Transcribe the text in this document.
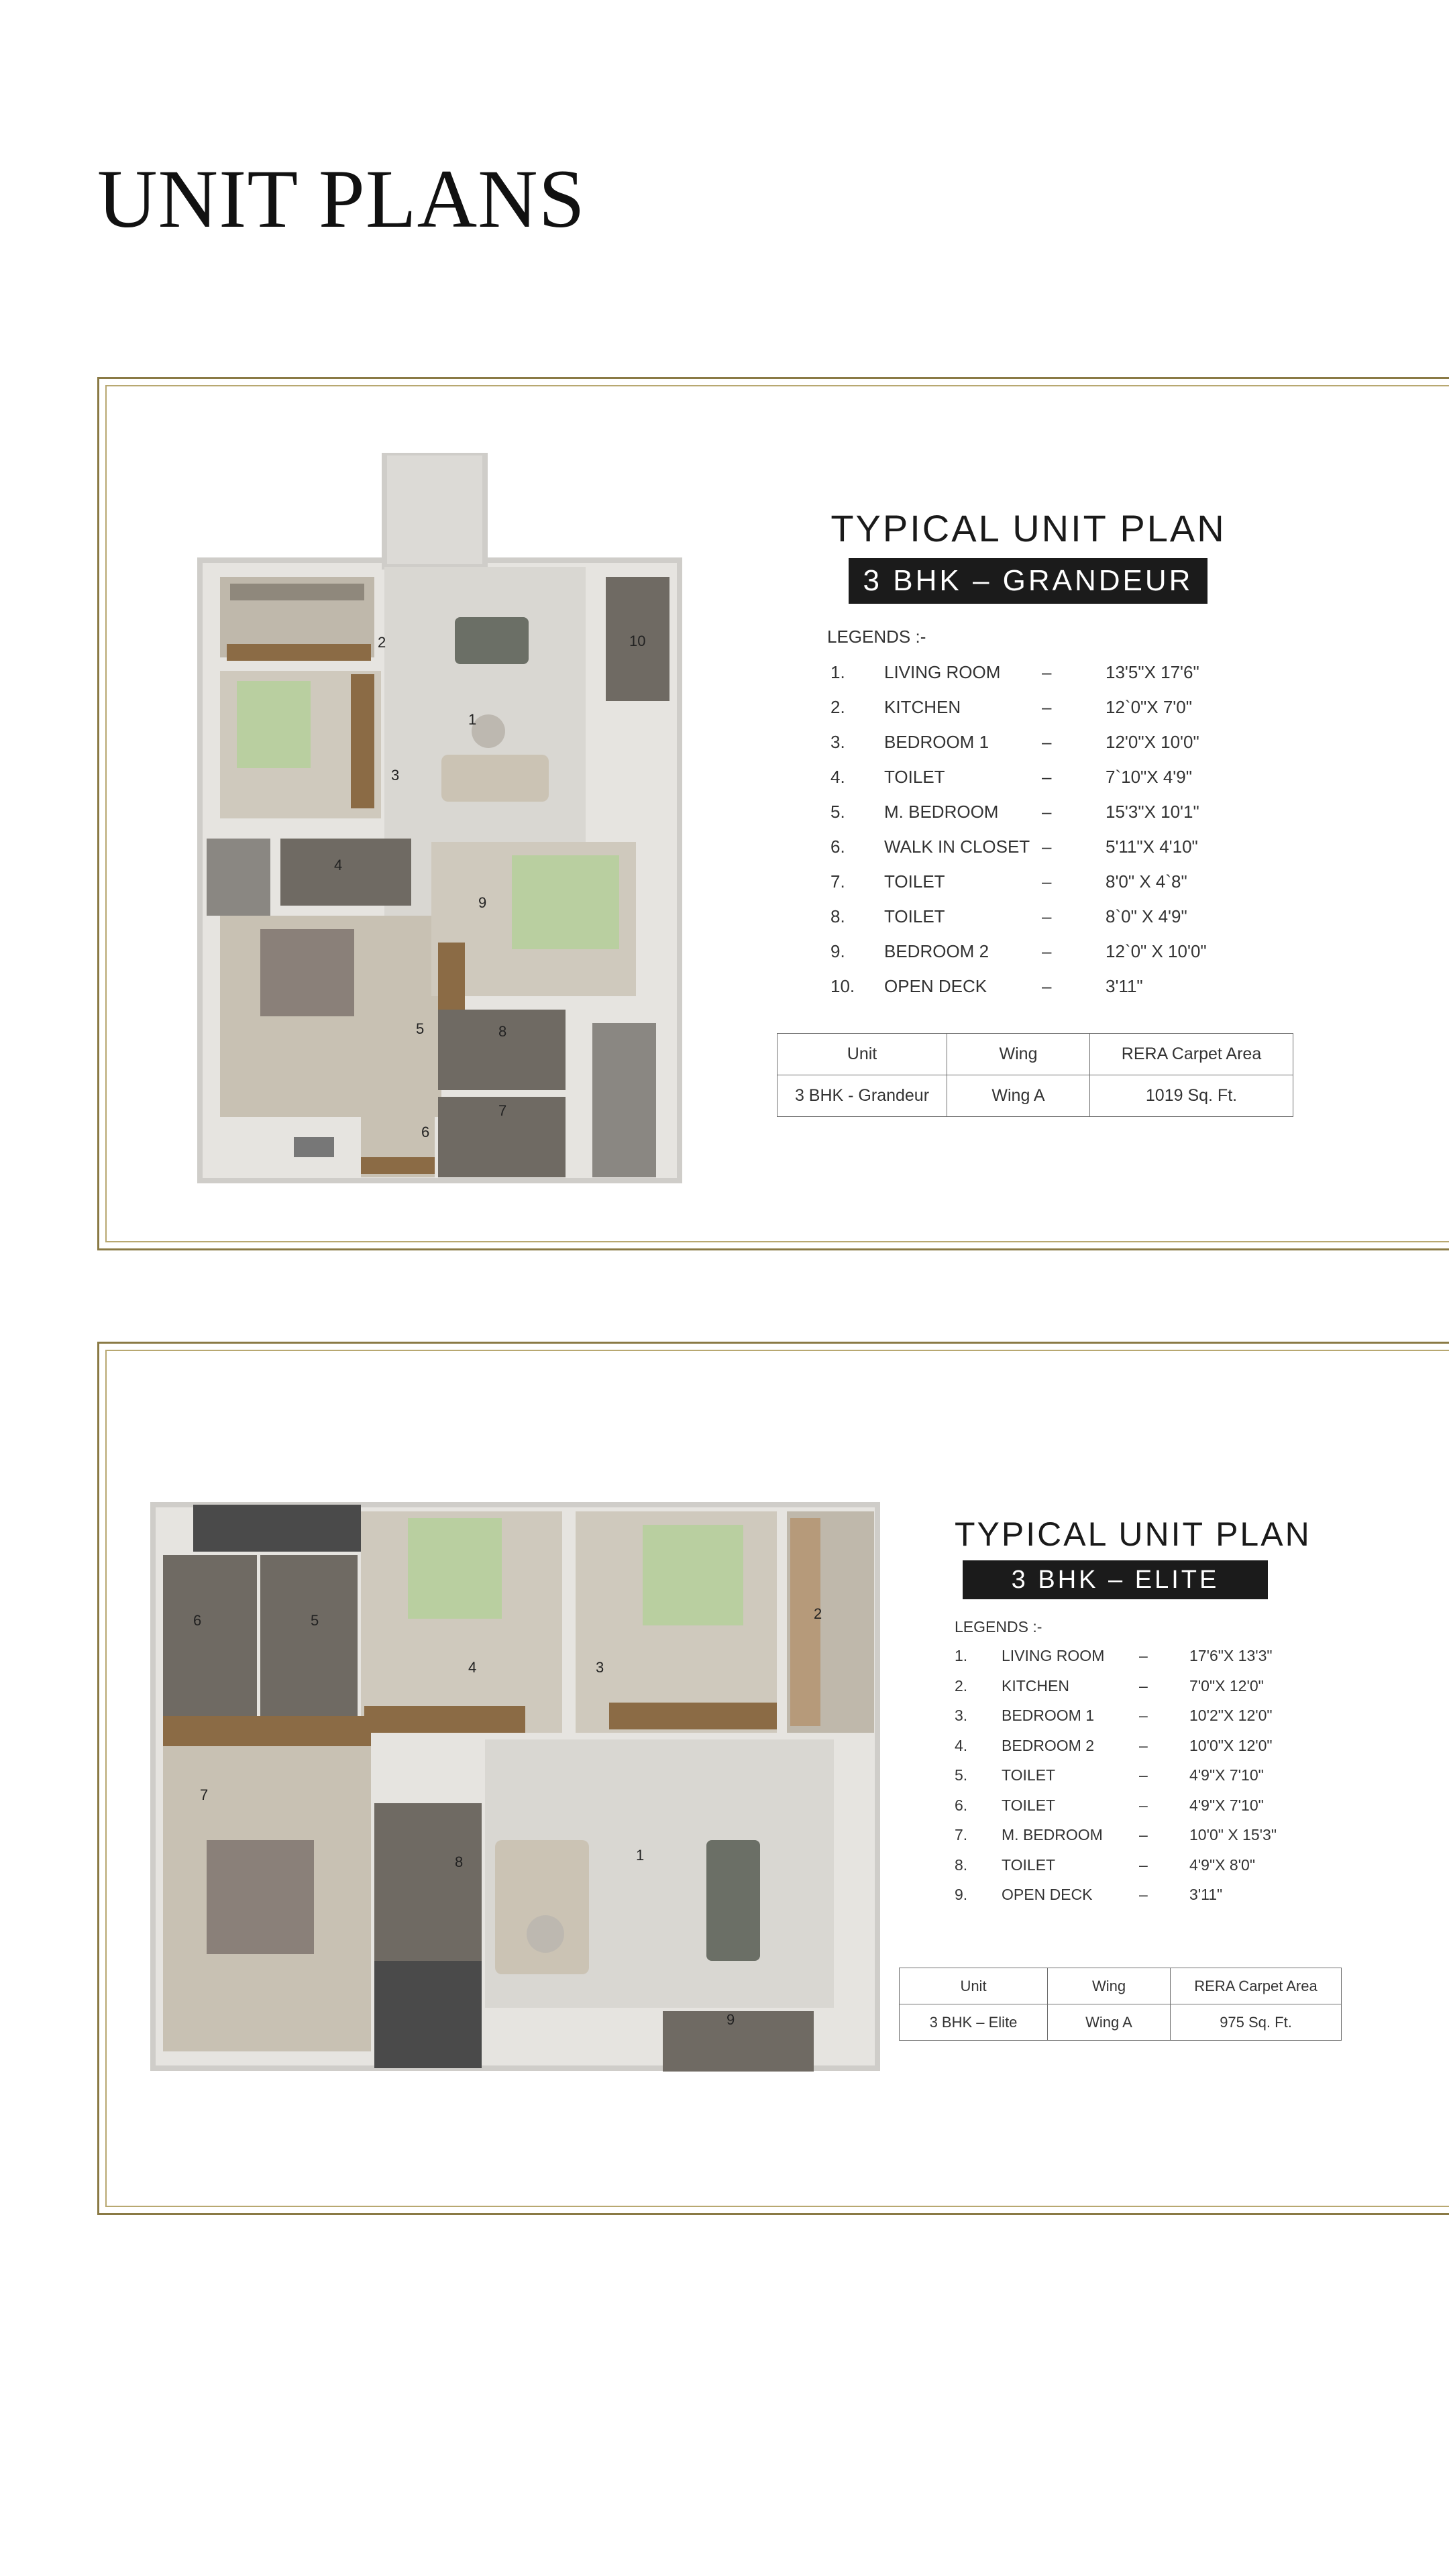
UNIT PLANS
2
1
3
4
5
6
7
8
9
10
TYPICAL UNIT PLAN
3 BHK – GRANDEUR
LEGENDS :-
1. LIVING ROOM –	13'5"X 17'6"
2. KITCHEN	–	12`0"X 7'0"
3. BEDROOM 1	–	12'0"X 10'0"
4. TOILET	–	7`10"X 4'9"
5. M. BEDROOM –	15'3"X 10'1"
6. WALK IN CLOSET –	5'11"X 4'10"
7. TOILET	–	8'0" X 4`8"
8. TOILET	–	8`0" X 4'9"
9. BEDROOM 2	–	12`0" X 10'0"
10. OPEN DECK	–	3'11"
Unit	Wing	RERA Carpet Area
3 BHK - Grandeur	Wing A	1019 Sq. Ft.
2
3
4
5
6
7
8	1
9
TYPICAL UNIT PLAN
3 BHK – ELITE
LEGENDS :-
1. LIVING ROOM –	17'6"X 13'3"
2. KITCHEN	–	7'0"X 12'0"
3. BEDROOM 1	–	10'2"X 12'0"
4. BEDROOM 2	–	10'0"X 12'0"
5. TOILET	–	4'9"X 7'10"
6. TOILET	–	4'9"X 7'10"
7. M. BEDROOM –	10'0" X 15'3"
8. TOILET	–	4'9"X 8'0"
9. OPEN DECK	–	3'11"
Unit	Wing	RERA Carpet Area
3 BHK – Elite	Wing A	975 Sq. Ft.
